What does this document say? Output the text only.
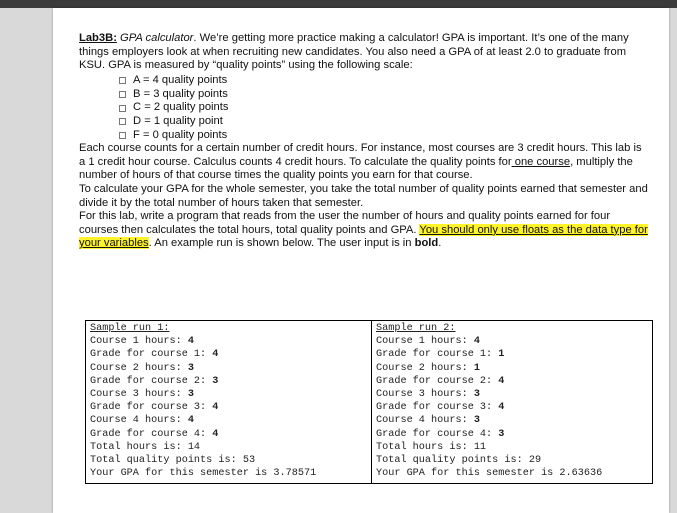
Lab3B: GPA calculator. We’re getting more practice making a calculator! GPA is important. It’s one of the many things employers look at when recruiting new candidates. You also need a GPA of at least 2.0 to graduate from KSU. GPA is measured by “quality points” using the following scale:

A = 4 quality points
B = 3 quality points
C = 2 quality points
D = 1 quality point
F = 0 quality points

Each course counts for a certain number of credit hours. For instance, most courses are 3 credit hours. This lab is a 1 credit hour course. Calculus counts 4 credit hours. To calculate the quality points for one course, multiply the number of hours of that course times the quality points you earn for that course.

To calculate your GPA for the whole semester, you take the total number of quality points earned that semester and divide it by the total number of hours taken that semester.

For this lab, write a program that reads from the user the number of hours and quality points earned for four courses then calculates the total hours, total quality points and GPA. You should only use floats as the data type for your variables. An example run is shown below. The user input is in bold.

Sample run 1:
Course 1 hours: 4
Grade for course 1: 4
Course 2 hours: 3
Grade for course 2: 3
Course 3 hours: 3
Grade for course 3: 4
Course 4 hours: 4
Grade for course 4: 4
Total hours is: 14
Total quality points is: 53
Your GPA for this semester is 3.78571

Sample run 2:
Course 1 hours: 4
Grade for course 1: 1
Course 2 hours: 1
Grade for course 2: 4
Course 3 hours: 3
Grade for course 3: 4
Course 4 hours: 3
Grade for course 4: 3
Total hours is: 11
Total quality points is: 29
Your GPA for this semester is 2.63636
